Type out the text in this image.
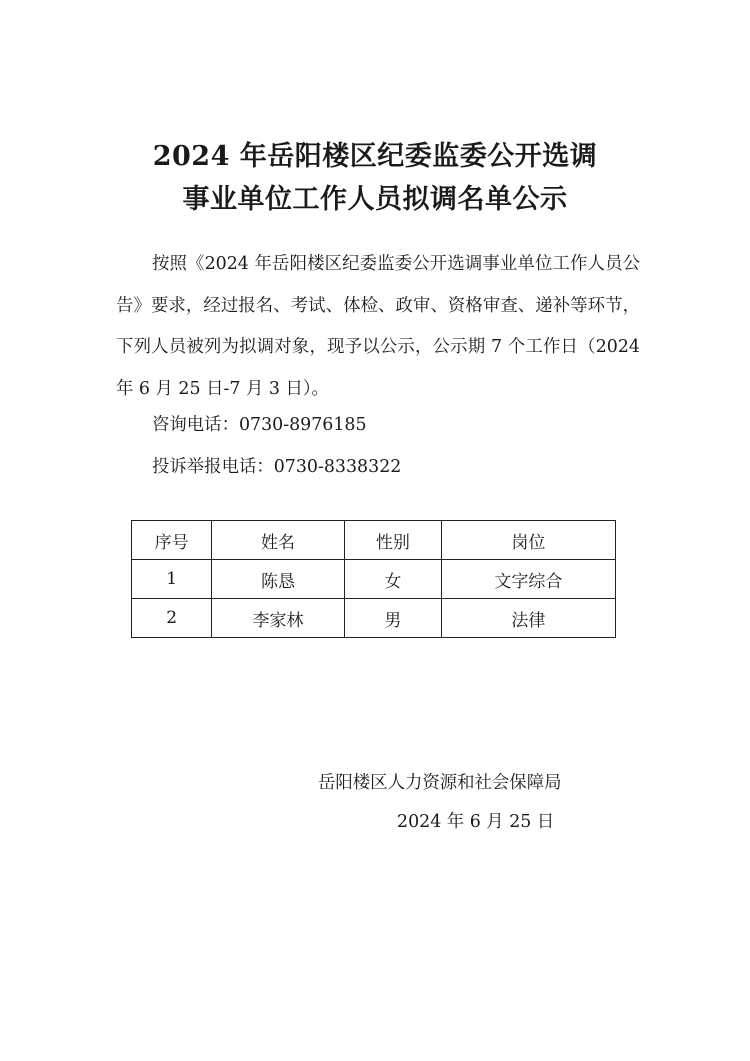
2024 年岳阳楼区纪委监委公开选调
事业单位工作人员拟调名单公示
按照《2024 年岳阳楼区纪委监委公开选调事业单位工作人员公告》要求，经过报名、考试、体检、政审、资格审查、递补等环节，下列人员被列为拟调对象，现予以公示，公示期 7 个工作日（2024 年 6 月 25 日-7 月 3 日）。
咨询电话：0730-8976185
投诉举报电话：0730-8338322
序号	姓名	性别	岗位
1	陈恳	女	文字综合
2	李家林	男	法律
岳阳楼区人力资源和社会保障局
2024 年 6 月 25 日
